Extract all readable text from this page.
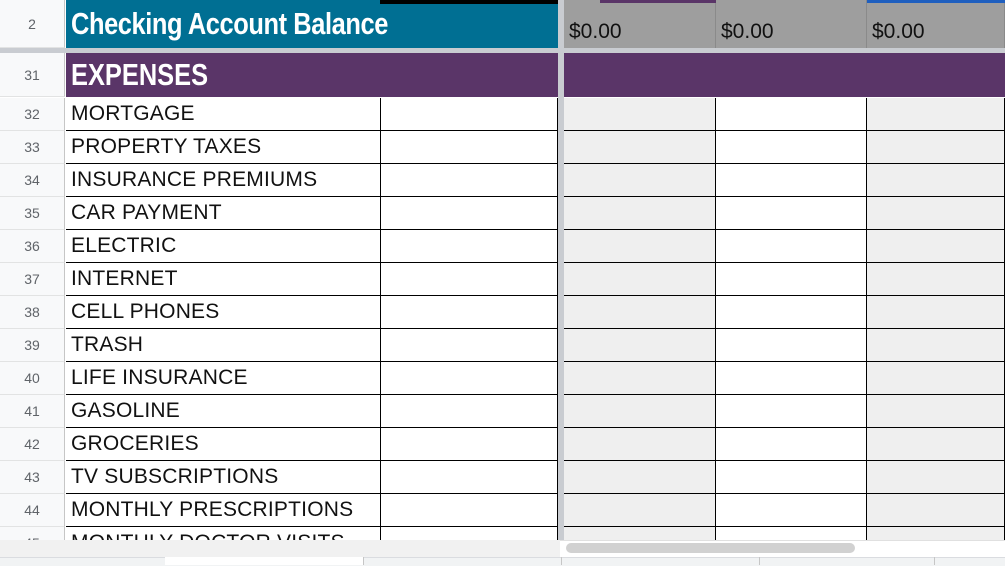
2	Checking Account Balance	$0.00	$0.00	$0.00
31	EXPENSES
32	MORTGAGE
33	PROPERTY TAXES
34	INSURANCE PREMIUMS
35	CAR PAYMENT
36	ELECTRIC
37	INTERNET
38	CELL PHONES
39	TRASH
40	LIFE INSURANCE
41	GASOLINE
42	GROCERIES
43	TV SUBSCRIPTIONS
44	MONTHLY PRESCRIPTIONS
